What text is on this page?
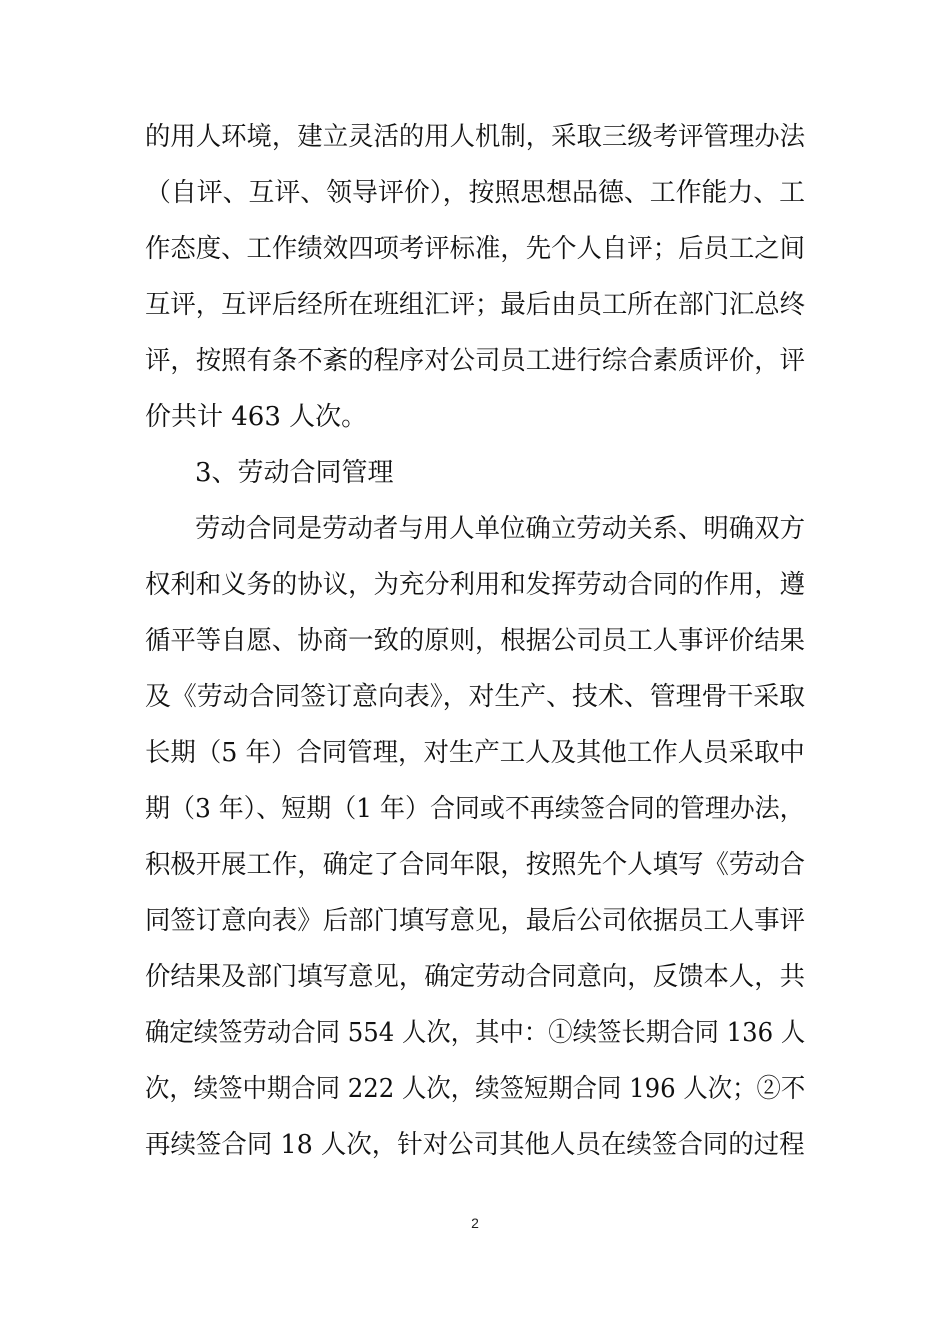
的用人环境，建立灵活的用人机制，采取三级考评管理办法
（自评、互评、领导评价），按照思想品德、工作能力、工
作态度、工作绩效四项考评标准，先个人自评；后员工之间
互评，互评后经所在班组汇评；最后由员工所在部门汇总终
评，按照有条不紊的程序对公司员工进行综合素质评价，评
价共计 463 人次。
3、劳动合同管理
劳动合同是劳动者与用人单位确立劳动关系、明确双方
权利和义务的协议，为充分利用和发挥劳动合同的作用，遵
循平等自愿、协商一致的原则，根据公司员工人事评价结果
及《劳动合同签订意向表》，对生产、技术、管理骨干采取
长期（5 年）合同管理，对生产工人及其他工作人员采取中
期（3 年）、短期（1 年）合同或不再续签合同的管理办法，
积极开展工作，确定了合同年限，按照先个人填写《劳动合
同签订意向表》后部门填写意见，最后公司依据员工人事评
价结果及部门填写意见，确定劳动合同意向，反馈本人，共
确定续签劳动合同 554 人次，其中：①续签长期合同 136 人
次，续签中期合同 222 人次，续签短期合同 196 人次；②不
再续签合同 18 人次，针对公司其他人员在续签合同的过程
2
